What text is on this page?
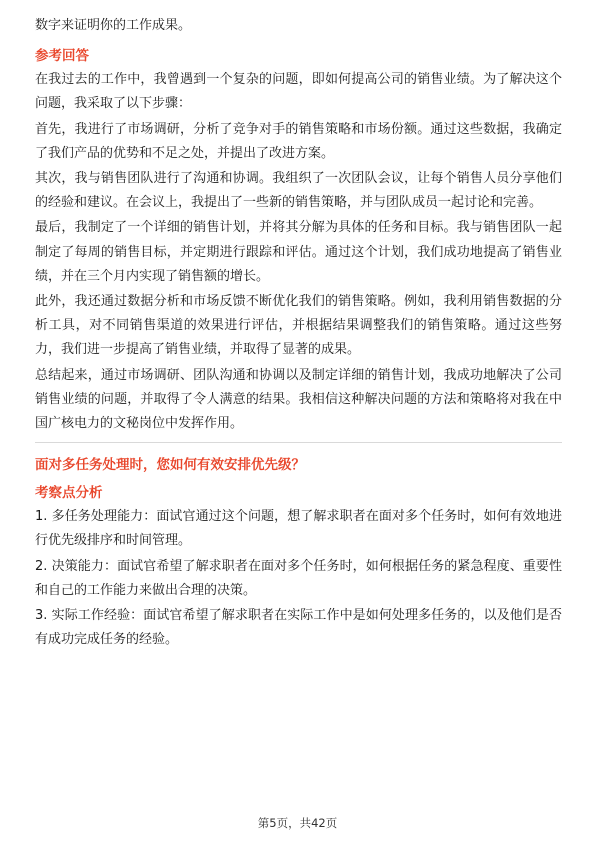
数字来证明你的工作成果。

参考回答

在我过去的工作中，我曾遇到一个复杂的问题，即如何提高公司的销售业绩。为了解决这个问题，我采取了以下步骤：

首先，我进行了市场调研，分析了竞争对手的销售策略和市场份额。通过这些数据，我确定了我们产品的优势和不足之处，并提出了改进方案。

其次，我与销售团队进行了沟通和协调。我组织了一次团队会议，让每个销售人员分享他们的经验和建议。在会议上，我提出了一些新的销售策略，并与团队成员一起讨论和完善。

最后，我制定了一个详细的销售计划，并将其分解为具体的任务和目标。我与销售团队一起制定了每周的销售目标，并定期进行跟踪和评估。通过这个计划，我们成功地提高了销售业绩，并在三个月内实现了销售额的增长。

此外，我还通过数据分析和市场反馈不断优化我们的销售策略。例如，我利用销售数据的分析工具，对不同销售渠道的效果进行评估，并根据结果调整我们的销售策略。通过这些努力，我们进一步提高了销售业绩，并取得了显著的成果。

总结起来，通过市场调研、团队沟通和协调以及制定详细的销售计划，我成功地解决了公司销售业绩的问题，并取得了令人满意的结果。我相信这种解决问题的方法和策略将对我在中国广核电力的文秘岗位中发挥作用。

面对多任务处理时，您如何有效安排优先级？

考察点分析

1. 多任务处理能力：面试官通过这个问题，想了解求职者在面对多个任务时，如何有效地进行优先级排序和时间管理。

2. 决策能力：面试官希望了解求职者在面对多个任务时，如何根据任务的紧急程度、重要性和自己的工作能力来做出合理的决策。

3. 实际工作经验：面试官希望了解求职者在实际工作中是如何处理多任务的，以及他们是否有成功完成任务的经验。

第5页，共42页
